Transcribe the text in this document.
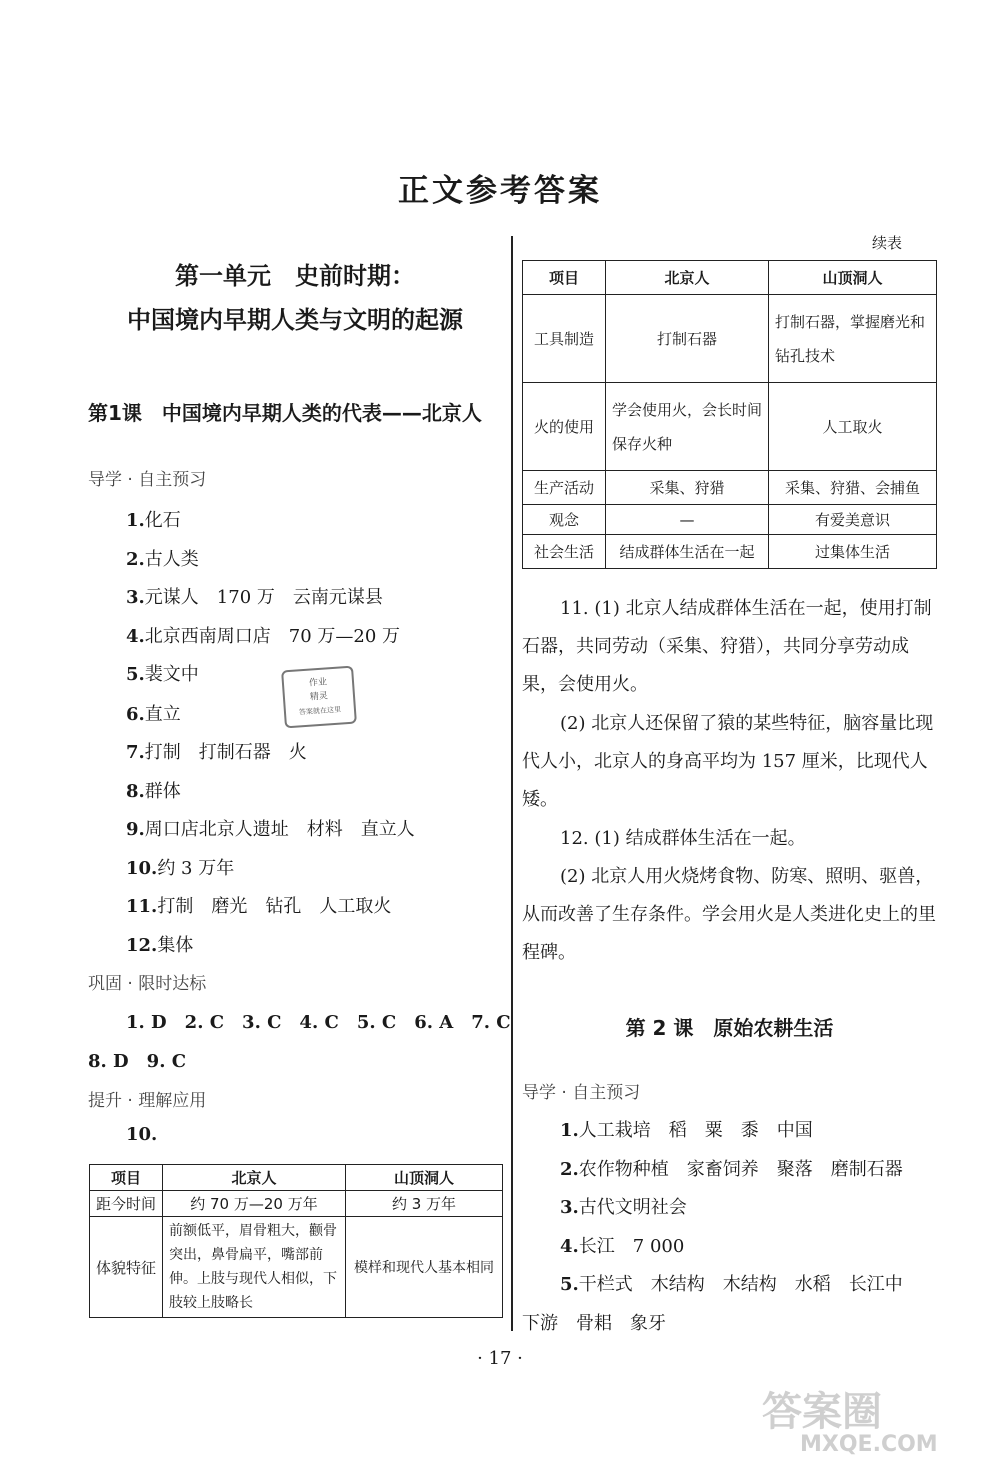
正文参考答案
第一单元　史前时期：
中国境内早期人类与文明的起源
第1课　中国境内早期人类的代表——北京人
导学 · 自主预习
1.化石
2.古人类
3.元谋人　170 万　云南元谋县
4.北京西南周口店　70 万—20 万
5.裴文中
6.直立
7.打制　打制石器　火
8.群体
9.周口店北京人遗址　材料　直立人
10.约 3 万年
11.打制　磨光　钻孔　人工取火
12.集体
作业
精灵
答案就在这里
巩固 · 限时达标
1. D　2. C　3. C　4. C　5. C　6. A　7. C
8. D　9. C
提升 · 理解应用
10.
项目	北京人	山顶洞人
距今时间	约 70 万—20 万年	约 3 万年
体貌特征	前额低平，眉骨粗大，颧骨突出，鼻骨扁平，嘴部前伸。上肢与现代人相似，下肢较上肢略长	模样和现代人基本相同
续表
项目	北京人	山顶洞人
工具制造	打制石器	打制石器，掌握磨光和钻孔技术
火的使用	学会使用火，会长时间保存火种	人工取火
生产活动	采集、狩猎	采集、狩猎、会捕鱼
观念	—	有爱美意识
社会生活	结成群体生活在一起	过集体生活
11. (1) 北京人结成群体生活在一起，使用打制石器，共同劳动（采集、狩猎），共同分享劳动成果，会使用火。
(2) 北京人还保留了猿的某些特征，脑容量比现代人小，北京人的身高平均为 157 厘米，比现代人矮。
12. (1) 结成群体生活在一起。
(2) 北京人用火烧烤食物、防寒、照明、驱兽，从而改善了生存条件。学会用火是人类进化史上的里程碑。
第 2 课　原始农耕生活
导学 · 自主预习
1.人工栽培　稻　粟　黍　中国
2.农作物种植　家畜饲养　聚落　磨制石器
3.古代文明社会
4.长江　7 000
5.干栏式　木结构　木结构　水稻　长江中
下游　骨耜　象牙
· 17 ·
答案圈
MXQE.COM
